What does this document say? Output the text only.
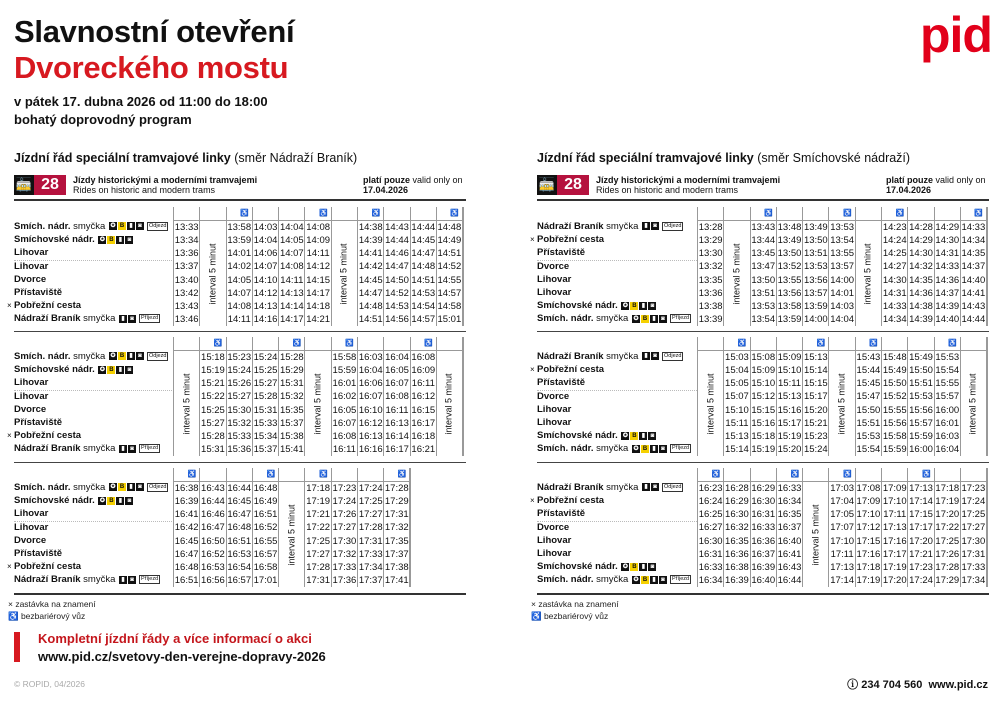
Slavnostní otevření
Dvoreckého mostu
v pátek 17. dubna 2026 od 11:00 do 18:00
bohatý doprovodný program
pid
Jízdní řád speciální tramvajové linky (směr Nádraží Braník)
🚋 28	Jízdy historickými a moderními tramvajemi
Rides on historic and modern trams
platí pouze valid only on
17.04.2026
Smích. nádr. smyčka ✪ B ▮ ◙ Odjezd
Smíchovské nádr. ✪ B ▮ ◙
Lihovar
Lihovar
Dvorce
Přístaviště
× Pobřežní cesta
Nádraží Braník smyčka ▮ ◙ Příjezd
		♿			♿		♿			♿
13:33	interval 5 minut	13:58	14:03	14:04	14:08	interval 5 minut	14:38	14:43	14:44	14:48
13:34		13:59	14:04	14:05	14:09		14:39	14:44	14:45	14:49
13:36		14:01	14:06	14:07	14:11		14:41	14:46	14:47	14:51
13:37		14:02	14:07	14:08	14:12		14:42	14:47	14:48	14:52
13:40		14:05	14:10	14:11	14:15		14:45	14:50	14:51	14:55
13:42		14:07	14:12	14:13	14:17		14:47	14:52	14:53	14:57
13:43		14:08	14:13	14:14	14:18		14:48	14:53	14:54	14:58
13:46		14:11	14:16	14:17	14:21		14:51	14:56	14:57	15:01
Smích. nádr. smyčka ✪ B ▮ ◙ Odjezd
Smíchovské nádr. ✪ B ▮ ◙
Lihovar
Lihovar
Dvorce
Přístaviště
× Pobřežní cesta
Nádraží Braník smyčka ▮ ◙ Příjezd
	♿			♿		♿			♿	

interval 5 minut	15:18	15:23	15:24	15:28	interval 5 minut	15:58	16:03	16:04	16:08	interval 5 minut

	15:19	15:24	15:25	15:29		15:59	16:04	16:05	16:09	
	15:21	15:26	15:27	15:31		16:01	16:06	16:07	16:11	
	15:22	15:27	15:28	15:32		16:02	16:07	16:08	16:12	
	15:25	15:30	15:31	15:35		16:05	16:10	16:11	16:15	
	15:27	15:32	15:33	15:37		16:07	16:12	16:13	16:17	
	15:28	15:33	15:34	15:38		16:08	16:13	16:14	16:18	
	15:31	15:36	15:37	15:41		16:11	16:16	16:17	16:21	
Smích. nádr. smyčka ✪ B ▮ ◙ Odjezd
Smíchovské nádr. ✪ B ▮ ◙
Lihovar
Lihovar
Dvorce
Přístaviště
× Pobřežní cesta
Nádraží Braník smyčka ▮ ◙ Příjezd
♿			♿		♿			♿
16:38	16:43	16:44	16:48	interval 5 minut	17:18	17:23	17:24	17:28
16:39	16:44	16:45	16:49		17:19	17:24	17:25	17:29
16:41	16:46	16:47	16:51		17:21	17:26	17:27	17:31
16:42	16:47	16:48	16:52		17:22	17:27	17:28	17:32
16:45	16:50	16:51	16:55		17:25	17:30	17:31	17:35
16:47	16:52	16:53	16:57		17:27	17:32	17:33	17:37
16:48	16:53	16:54	16:58		17:28	17:33	17:34	17:38
16:51	16:56	16:57	17:01		17:31	17:36	17:37	17:41
× zastávka na znamení
♿ bezbariérový vůz
Jízdní řád speciální tramvajové linky (směr Smíchovské nádraží)
🚋 28	Jízdy historickými a moderními tramvajemi
Rides on historic and modern trams
platí pouze valid only on
17.04.2026
Nádraží Braník smyčka ▮ ◙ Odjezd
× Pobřežní cesta
Přístaviště
Dvorce
Lihovar
Lihovar
Smíchovské nádr. ✪ B ▮ ◙
Smích. nádr. smyčka ✪ B ▮ ◙ Příjezd
		♿			♿		♿			♿
13:28	interval 5 minut	13:43	13:48	13:49	13:53	interval 5 minut	14:23	14:28	14:29	14:33
13:29		13:44	13:49	13:50	13:54		14:24	14:29	14:30	14:34
13:30		13:45	13:50	13:51	13:55		14:25	14:30	14:31	14:35
13:32		13:47	13:52	13:53	13:57		14:27	14:32	14:33	14:37
13:35		13:50	13:55	13:56	14:00		14:30	14:35	14:36	14:40
13:36		13:51	13:56	13:57	14:01		14:31	14:36	14:37	14:41
13:38		13:53	13:58	13:59	14:03		14:33	14:38	14:39	14:43
13:39		13:54	13:59	14:00	14:04		14:34	14:39	14:40	14:44
Nádraží Braník smyčka ▮ ◙ Odjezd
× Pobřežní cesta
Přístaviště
Dvorce
Lihovar
Lihovar
Smíchovské nádr. ✪ B ▮ ◙
Smích. nádr. smyčka ✪ B ▮ ◙ Příjezd
	♿			♿		♿			♿	

interval 5 minut	15:03	15:08	15:09	15:13	interval 5 minut	15:43	15:48	15:49	15:53	interval 5 minut

	15:04	15:09	15:10	15:14		15:44	15:49	15:50	15:54	
	15:05	15:10	15:11	15:15		15:45	15:50	15:51	15:55	
	15:07	15:12	15:13	15:17		15:47	15:52	15:53	15:57	
	15:10	15:15	15:16	15:20		15:50	15:55	15:56	16:00	
	15:11	15:16	15:17	15:21		15:51	15:56	15:57	16:01	
	15:13	15:18	15:19	15:23		15:53	15:58	15:59	16:03	
	15:14	15:19	15:20	15:24		15:54	15:59	16:00	16:04	
Nádraží Braník smyčka ▮ ◙ Odjezd
× Pobřežní cesta
Přístaviště
Dvorce
Lihovar
Lihovar
Smíchovské nádr. ✪ B ▮ ◙
Smích. nádr. smyčka ✪ B ▮ ◙ Příjezd
♿			♿		♿			♿		
16:23	16:28	16:29	16:33	interval 5 minut	17:03	17:08	17:09	17:13	17:18	17:23
16:24	16:29	16:30	16:34		17:04	17:09	17:10	17:14	17:19	17:24
16:25	16:30	16:31	16:35		17:05	17:10	17:11	17:15	17:20	17:25
16:27	16:32	16:33	16:37		17:07	17:12	17:13	17:17	17:22	17:27
16:30	16:35	16:36	16:40		17:10	17:15	17:16	17:20	17:25	17:30
16:31	16:36	16:37	16:41		17:11	17:16	17:17	17:21	17:26	17:31
16:33	16:38	16:39	16:43		17:13	17:18	17:19	17:23	17:28	17:33
16:34	16:39	16:40	16:44		17:14	17:19	17:20	17:24	17:29	17:34
× zastávka na znamení
♿ bezbariérový vůz
Kompletní jízdní řády a více informací o akci
www.pid.cz/svetovy-den-verejne-dopravy-2026
© ROPID, 04/2026	ⓘ 234 704 560 www.pid.cz
